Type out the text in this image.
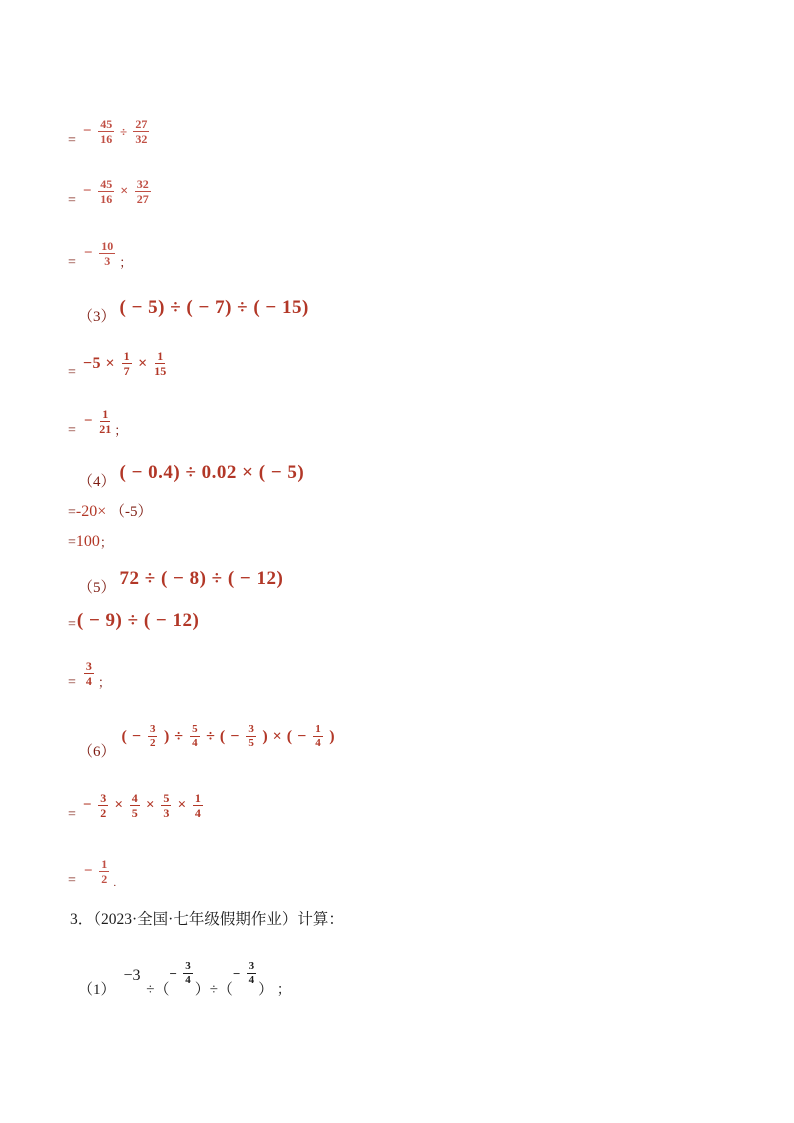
=
− $\frac{45}{16} \div \frac{27}{32}$
=
− $\frac{45}{16} \times \frac{32}{27}$
=
− $\frac{10}{3}$ ；
（3） ( − 5) ÷ ( − 7) ÷ ( − 15)
=
$-5 \times \frac{1}{7} \times \frac{1}{15}$
=
− $\frac{1}{21}$ ；
（4） ( − 0.4) ÷ 0.02 × ( − 5)
= -20× （-5）
= 100 ；
（5） 72 ÷ ( − 8) ÷ ( − 12)
= ( − 9) ÷ ( − 12)
= $\frac{3}{4}$ ；
（6）
( − $\frac{3}{2}$ ) ÷ $\frac{5}{4}$ ÷ ( − $\frac{3}{5}$ ) × ( − $\frac{1}{4}$ )
=
− $\frac{3}{2} \times \frac{4}{5} \times \frac{5}{3} \times \frac{1}{4}$
=
− $\frac{1}{2}$ ．
3．（2023·全国·七年级假期作业）计算：
（1）
−3
÷（
− $\frac{3}{4}$
）÷（
− $\frac{3}{4}$
） ；
